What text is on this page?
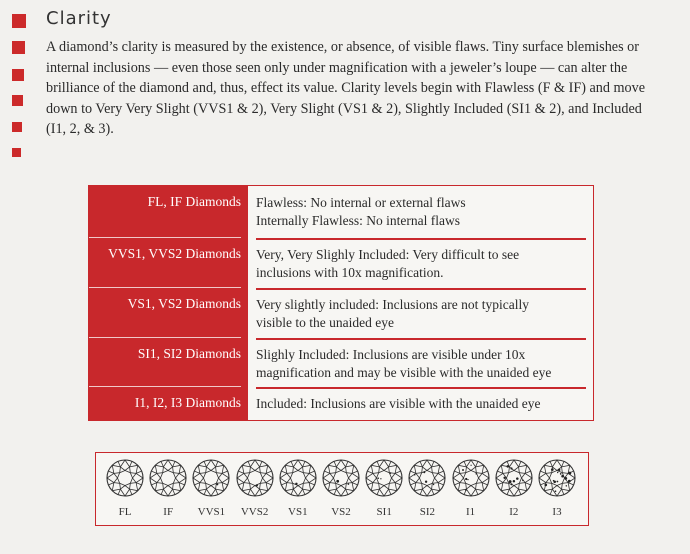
Clarity
A diamond’s clarity is measured by the existence, or absence, of visible flaws. Tiny surface blemishes or internal inclusions — even those seen only under magnification with a jeweler’s loupe — can alter the brilliance of the diamond and, thus, effect its value. Clarity levels begin with Flawless (F & IF) and move down to Very Very Slight (VVS1 & 2), Very Slight (VS1 & 2), Slightly Included (SI1 & 2), and Included (I1, 2, & 3).
FL, IF Diamonds Flawless: No internal or external flaws
Internally Flawless: No internal flaws
VVS1, VVS2 Diamonds Very, Very Slighly Included: Very difficult to see
inclusions with 10x magnification.
VS1, VS2 Diamonds Very slightly included: Inclusions are not typically
visible to the unaided eye
SI1, SI2 Diamonds Slighly Included: Inclusions are visible under 10x
magnification and may be visible with the unaided eye
I1, I2, I3 Diamonds Included: Inclusions are visible with the unaided eye
FL	IF	VVS1	VVS2	VS1	VS2	SI1	SI2	I1	I2	I3
